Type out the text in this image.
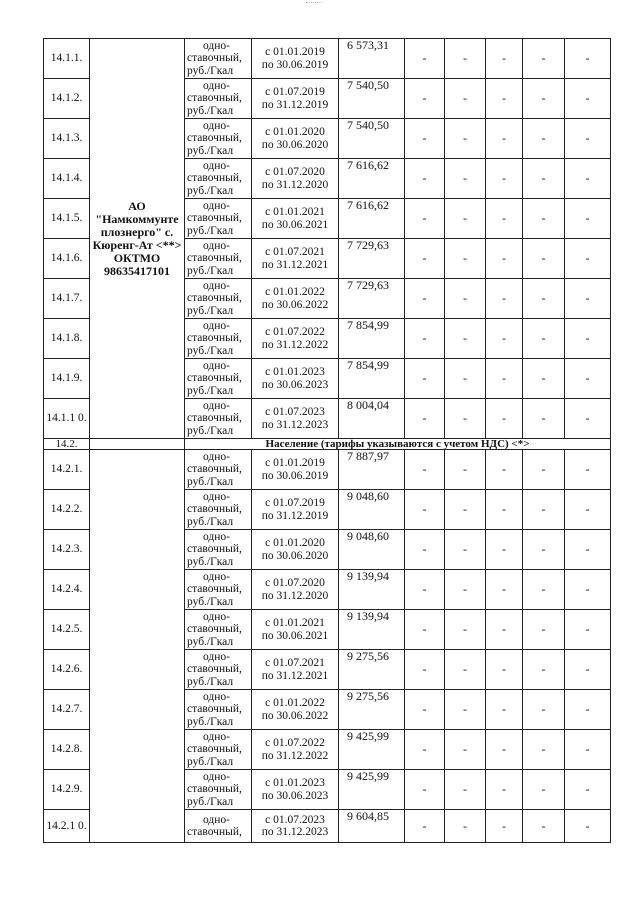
14.1.1.	АО "Намкоммунте плознерго" с. Кюренг-Ат <**> ОКТМО 98635417101	одно-
ставочный,
руб./Гкал	с 01.01.2019
по 30.06.2019	6 573,31	-	-	-	-	-
14.1.2.		одно-
ставочный,
руб./Гкал	с 01.07.2019
по 31.12.2019	7 540,50	-	-	-	-	-
14.1.3.		одно-
ставочный,
руб./Гкал	с 01.01.2020
по 30.06.2020	7 540,50	-	-	-	-	-
14.1.4.		одно-
ставочный,
руб./Гкал	с 01.07.2020
по 31.12.2020	7 616,62	-	-	-	-	-
14.1.5.		одно-
ставочный,
руб./Гкал	с 01.01.2021
по 30.06.2021	7 616,62	-	-	-	-	-
14.1.6.		одно-
ставочный,
руб./Гкал	с 01.07.2021
по 31.12.2021	7 729,63	-	-	-	-	-
14.1.7.		одно-
ставочный,
руб./Гкал	с 01.01.2022
по 30.06.2022	7 729,63	-	-	-	-	-
14.1.8.		одно-
ставочный,
руб./Гкал	с 01.07.2022
по 31.12.2022	7 854,99	-	-	-	-	-
14.1.9.		одно-
ставочный,
руб./Гкал	с 01.01.2023
по 30.06.2023	7 854,99	-	-	-	-	-
14.1.1 0.		одно-
ставочный,
руб./Гкал	с 01.07.2023
по 31.12.2023	8 004,04	-	-	-	-	-
14.2.		Население (тарифы указываются с учетом НДС) <*>							
14.2.1.		одно-
ставочный,
руб./Гкал	с 01.01.2019
по 30.06.2019	7 887,97	-	-	-	-	-
14.2.2.		одно-
ставочный,
руб./Гкал	с 01.07.2019
по 31.12.2019	9 048,60	-	-	-	-	-
14.2.3.		одно-
ставочный,
руб./Гкал	с 01.01.2020
по 30.06.2020	9 048,60	-	-	-	-	-
14.2.4.		одно-
ставочный,
руб./Гкал	с 01.07.2020
по 31.12.2020	9 139,94	-	-	-	-	-
14.2.5.		одно-
ставочный,
руб./Гкал	с 01.01.2021
по 30.06.2021	9 139,94	-	-	-	-	-
14.2.6.		одно-
ставочный,
руб./Гкал	с 01.07.2021
по 31.12.2021	9 275,56	-	-	-	-	-
14.2.7.		одно-
ставочный,
руб./Гкал	с 01.01.2022
по 30.06.2022	9 275,56	-	-	-	-	-
14.2.8.		одно-
ставочный,
руб./Гкал	с 01.07.2022
по 31.12.2022	9 425,99	-	-	-	-	-
14.2.9.		одно-
ставочный,
руб./Гкал	с 01.01.2023
по 30.06.2023	9 425,99	-	-	-	-	-
14.2.1 0.		одно-
ставочный,	с 01.07.2023
по 31.12.2023	9 604,85	-	-	-	-	-
